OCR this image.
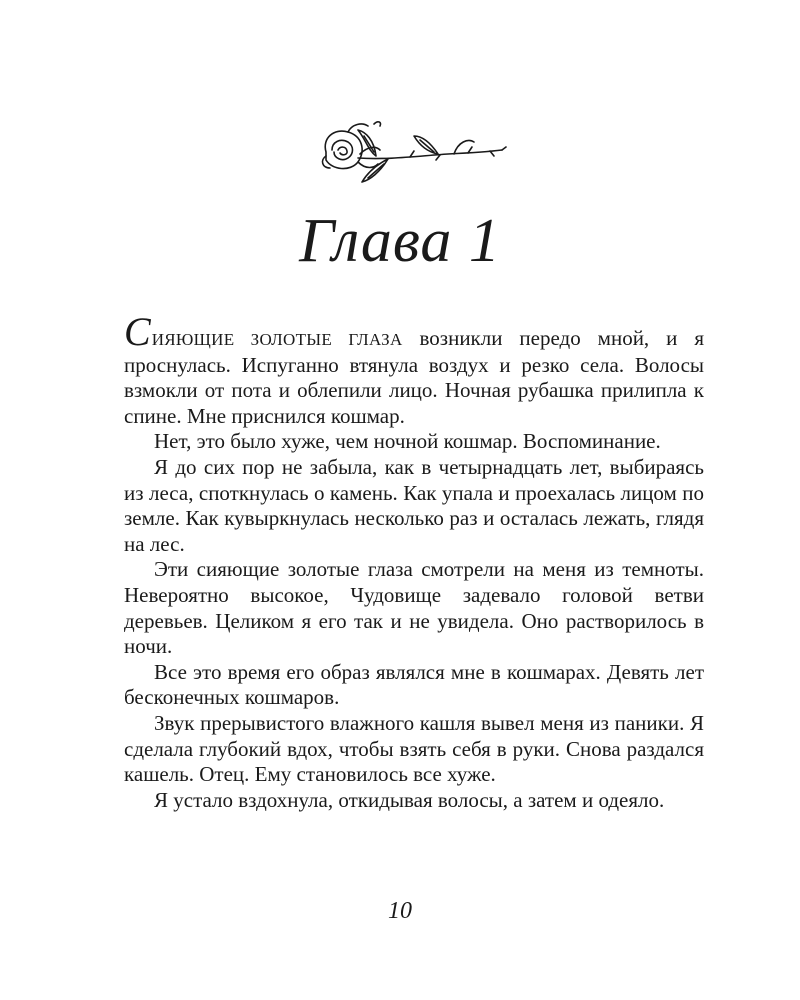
Глава 1

СИЯЮЩИЕ ЗОЛОТЫЕ ГЛАЗА возникли передо мной, и я проснулась. Испуганно втянула воздух и резко села. Волосы взмокли от пота и облепили лицо. Ночная рубашка прилипла к спине. Мне приснился кошмар.

Нет, это было хуже, чем ночной кошмар. Воспоминание.

Я до сих пор не забыла, как в четырнадцать лет, выбираясь из леса, споткнулась о камень. Как упала и проехалась лицом по земле. Как кувыркнулась несколько раз и осталась лежать, глядя на лес.

Эти сияющие золотые глаза смотрели на меня из темноты. Невероятно высокое, Чудовище задевало головой ветви деревьев. Целиком я его так и не увидела. Оно растворилось в ночи.

Все это время его образ являлся мне в кошмарах. Девять лет бесконечных кошмаров.

Звук прерывистого влажного кашля вывел меня из паники. Я сделала глубокий вдох, чтобы взять себя в руки. Снова раздался кашель. Отец. Ему становилось все хуже.

Я устало вздохнула, откидывая волосы, а затем и одеяло.

10
